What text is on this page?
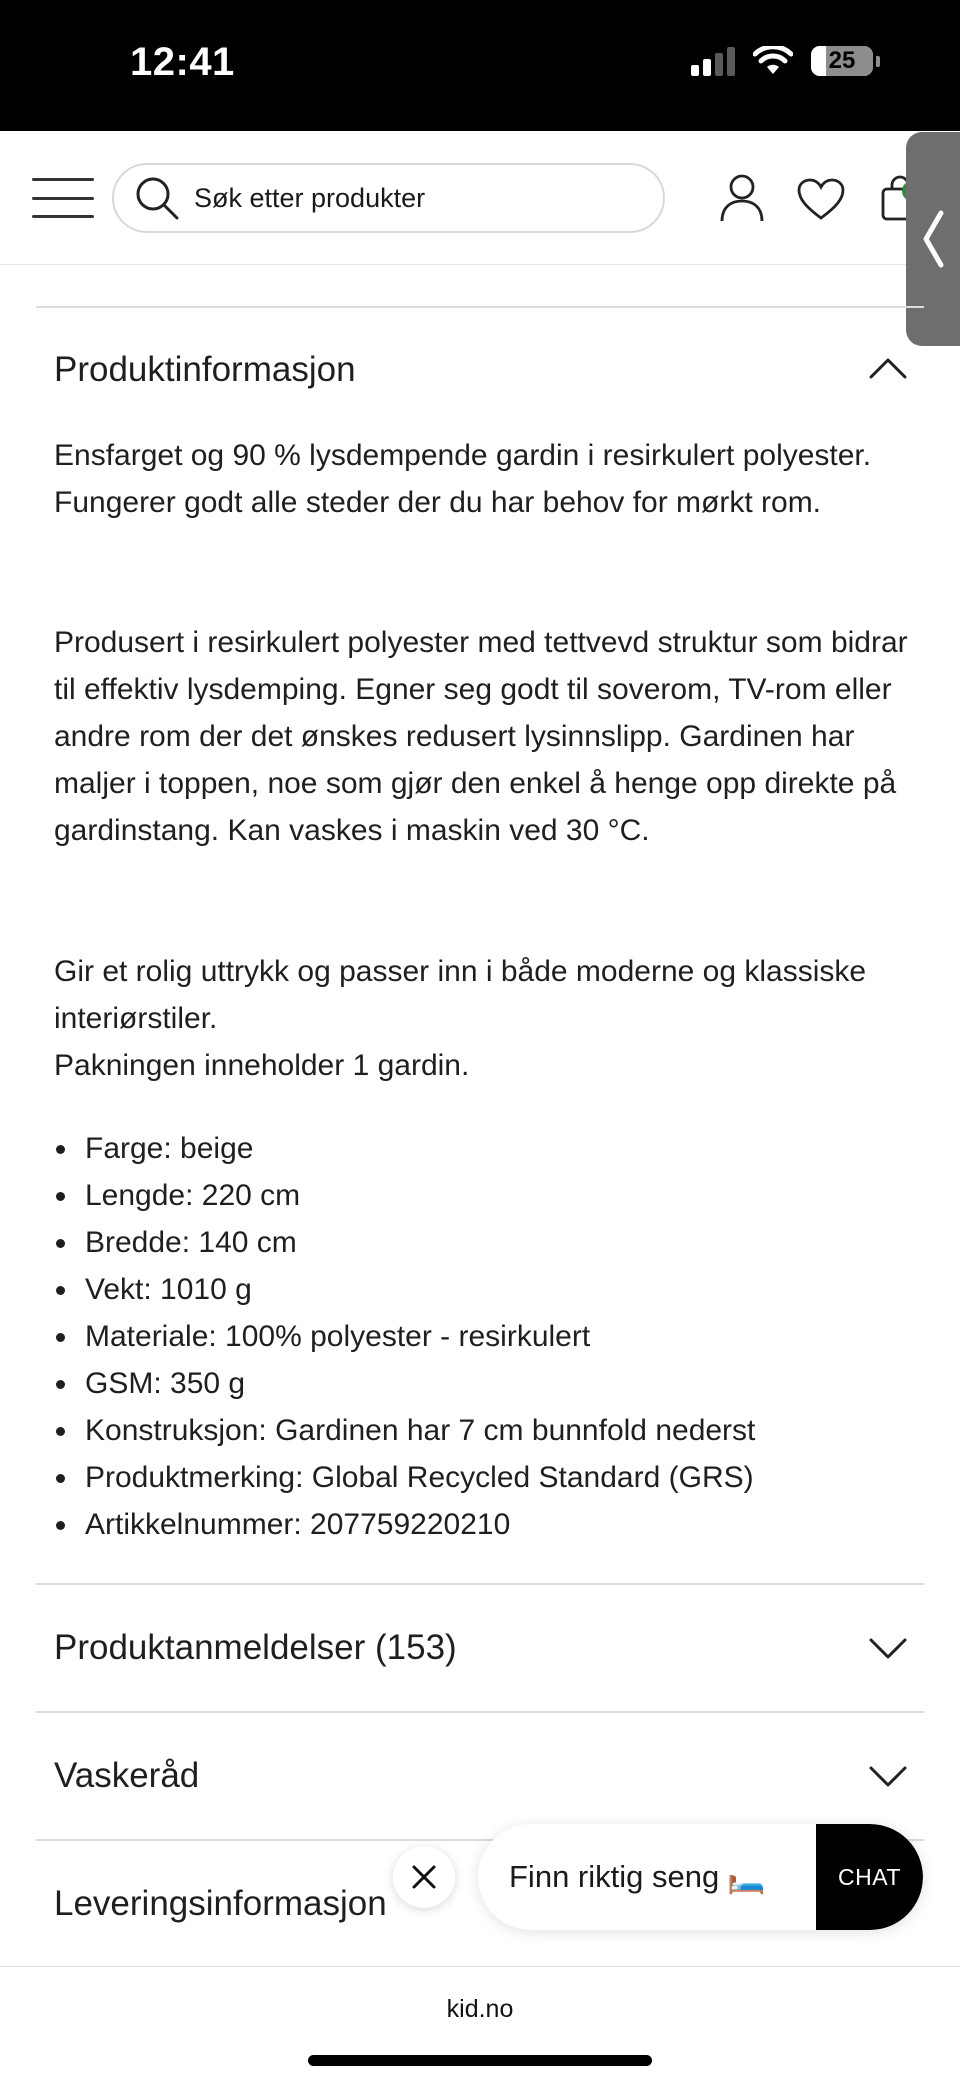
12:41	25
Søk etter produkter
Produktinformasjon

Ensfarget og 90 % lysdempende gardin i resirkulert polyester. Fungerer godt alle steder der du har behov for mørkt rom.

Produsert i resirkulert polyester med tettvevd struktur som bidrar til effektiv lysdemping. Egner seg godt til soverom, TV-rom eller andre rom der det ønskes redusert lysinnslipp. Gardinen har maljer i toppen, noe som gjør den enkel å henge opp direkte på gardinstang. Kan vaskes i maskin ved 30 °C.

Gir et rolig uttrykk og passer inn i både moderne og klassiske interiørstiler.

Pakningen inneholder 1 gardin.

Farge: beige
Lengde: 220 cm
Bredde: 140 cm
Vekt: 1010 g
Materiale: 100% polyester - resirkulert
GSM: 350 g
Konstruksjon: Gardinen har 7 cm bunnfold nederst
Produktmerking: Global Recycled Standard (GRS)
Artikkelnummer: 207759220210
Produktanmeldelser (153)
Vaskeråd
Leveringsinformasjon
Finn riktig seng 🛏️	CHAT
kid.no
